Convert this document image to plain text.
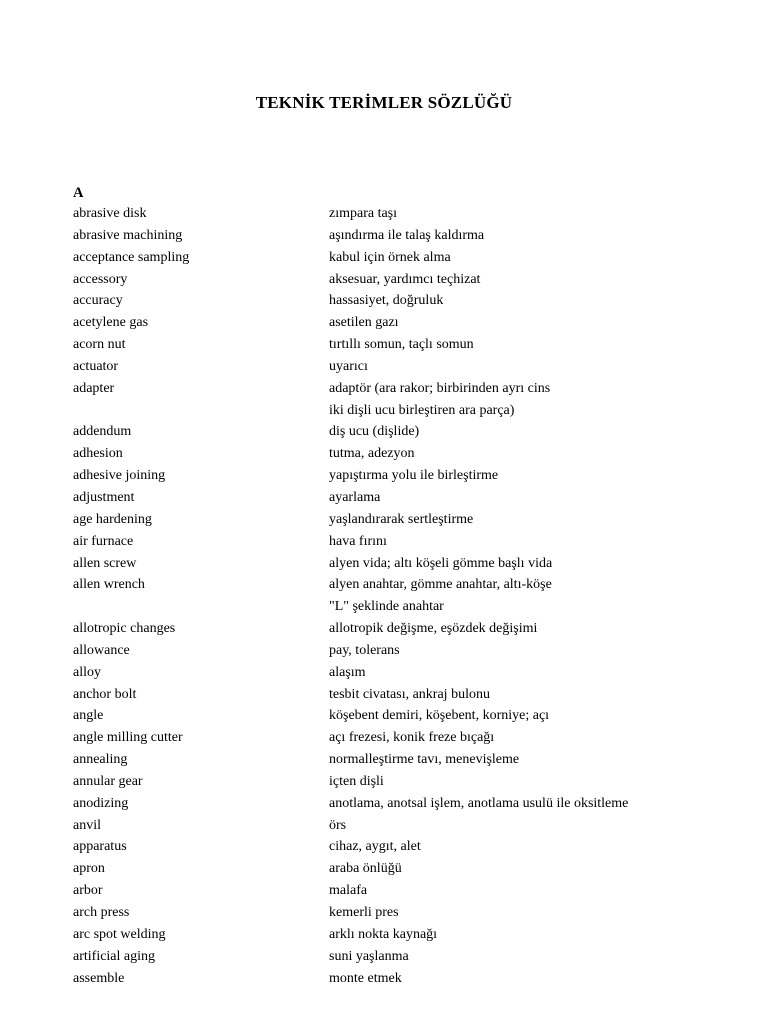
TEKNİK TERİMLER SÖZLÜĞÜ
A
abrasive disk	zımpara taşı
abrasive machining	aşındırma ile talaş kaldırma
acceptance sampling	kabul için örnek alma
accessory	aksesuar, yardımcı teçhizat
accuracy	hassasiyet, doğruluk
acetylene gas	asetilen gazı
acorn nut	tırtıllı somun, taçlı somun
actuator	uyarıcı
adapter	adaptör (ara rakor; birbirinden ayrı cins
iki dişli ucu birleştiren ara parça)
addendum	diş ucu (dişlide)
adhesion	tutma, adezyon
adhesive joining	yapıştırma yolu ile birleştirme
adjustment	ayarlama
age hardening	yaşlandırarak sertleştirme
air furnace	hava fırını
allen screw	alyen vida; altı köşeli gömme başlı vida
allen wrench	alyen anahtar, gömme anahtar, altı-köşe
"L" şeklinde anahtar
allotropic changes	allotropik değişme, eşözdek değişimi
allowance	pay, tolerans
alloy	alaşım
anchor bolt	tesbit civatası, ankraj bulonu
angle	köşebent demiri, köşebent, korniye; açı
angle milling cutter	açı frezesi, konik freze bıçağı
annealing	normalleştirme tavı, menevişleme
annular gear	içten dişli
anodizing	anotlama, anotsal işlem, anotlama usulü ile oksitleme
anvil	örs
apparatus	cihaz, aygıt, alet
apron	araba önlüğü
arbor	malafa
arch press	kemerli pres
arc spot welding	arklı nokta kaynağı
artificial aging	suni yaşlanma
assemble	monte etmek
